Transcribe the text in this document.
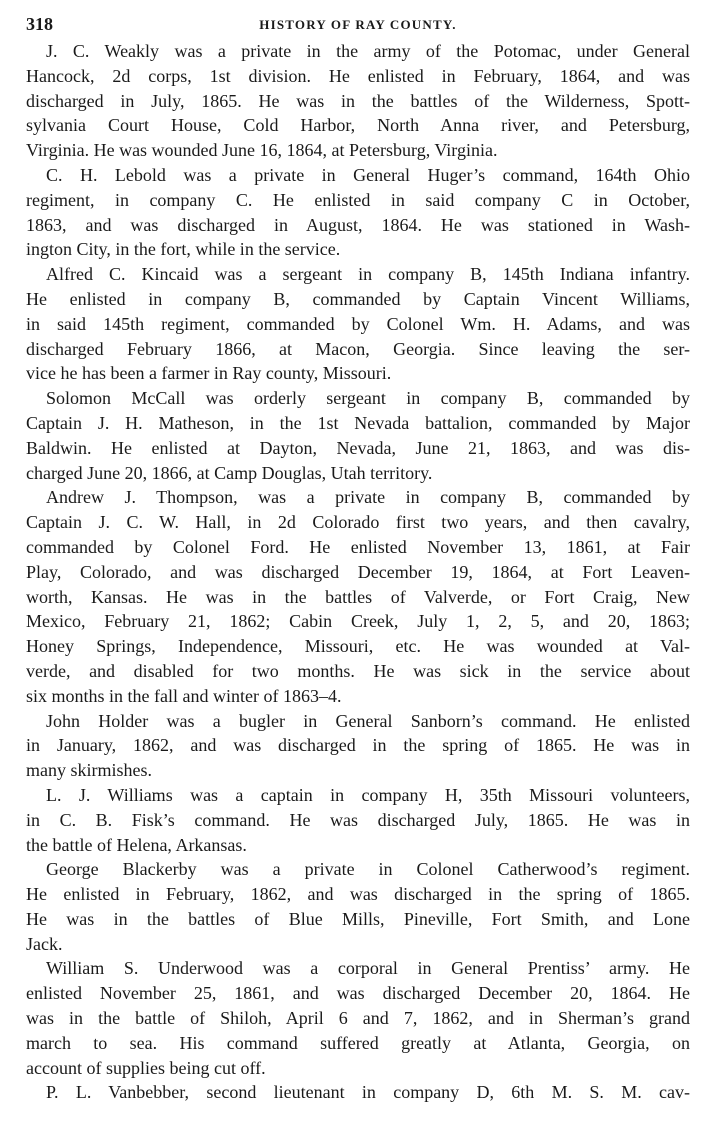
318	HISTORY OF RAY COUNTY.
J. C. Weakly was a private in the army of the Potomac, under General
Hancock, 2d corps, 1st division. He enlisted in February, 1864, and was
discharged in July, 1865. He was in the battles of the Wilderness, Spott-
sylvania Court House, Cold Harbor, North Anna river, and Petersburg,
Virginia. He was wounded June 16, 1864, at Petersburg, Virginia.
C. H. Lebold was a private in General Huger’s command, 164th Ohio
regiment, in company C. He enlisted in said company C in October,
1863, and was discharged in August, 1864. He was stationed in Wash-
ington City, in the fort, while in the service.
Alfred C. Kincaid was a sergeant in company B, 145th Indiana infantry.
He enlisted in company B, commanded by Captain Vincent Williams,
in said 145th regiment, commanded by Colonel Wm. H. Adams, and was
discharged February 1866, at Macon, Georgia. Since leaving the ser-
vice he has been a farmer in Ray county, Missouri.
Solomon McCall was orderly sergeant in company B, commanded by
Captain J. H. Matheson, in the 1st Nevada battalion, commanded by Major
Baldwin. He enlisted at Dayton, Nevada, June 21, 1863, and was dis-
charged June 20, 1866, at Camp Douglas, Utah territory.
Andrew J. Thompson, was a private in company B, commanded by
Captain J. C. W. Hall, in 2d Colorado first two years, and then cavalry,
commanded by Colonel Ford. He enlisted November 13, 1861, at Fair
Play, Colorado, and was discharged December 19, 1864, at Fort Leaven-
worth, Kansas. He was in the battles of Valverde, or Fort Craig, New
Mexico, February 21, 1862; Cabin Creek, July 1, 2, 5, and 20, 1863;
Honey Springs, Independence, Missouri, etc. He was wounded at Val-
verde, and disabled for two months. He was sick in the service about
six months in the fall and winter of 1863–4.
John Holder was a bugler in General Sanborn’s command. He enlisted
in January, 1862, and was discharged in the spring of 1865. He was in
many skirmishes.
L. J. Williams was a captain in company H, 35th Missouri volunteers,
in C. B. Fisk’s command. He was discharged July, 1865. He was in
the battle of Helena, Arkansas.
George Blackerby was a private in Colonel Catherwood’s regiment.
He enlisted in February, 1862, and was discharged in the spring of 1865.
He was in the battles of Blue Mills, Pineville, Fort Smith, and Lone
Jack.
William S. Underwood was a corporal in General Prentiss’ army. He
enlisted November 25, 1861, and was discharged December 20, 1864. He
was in the battle of Shiloh, April 6 and 7, 1862, and in Sherman’s grand
march to sea. His command suffered greatly at Atlanta, Georgia, on
account of supplies being cut off.
P. L. Vanbebber, second lieutenant in company D, 6th M. S. M. cav-
